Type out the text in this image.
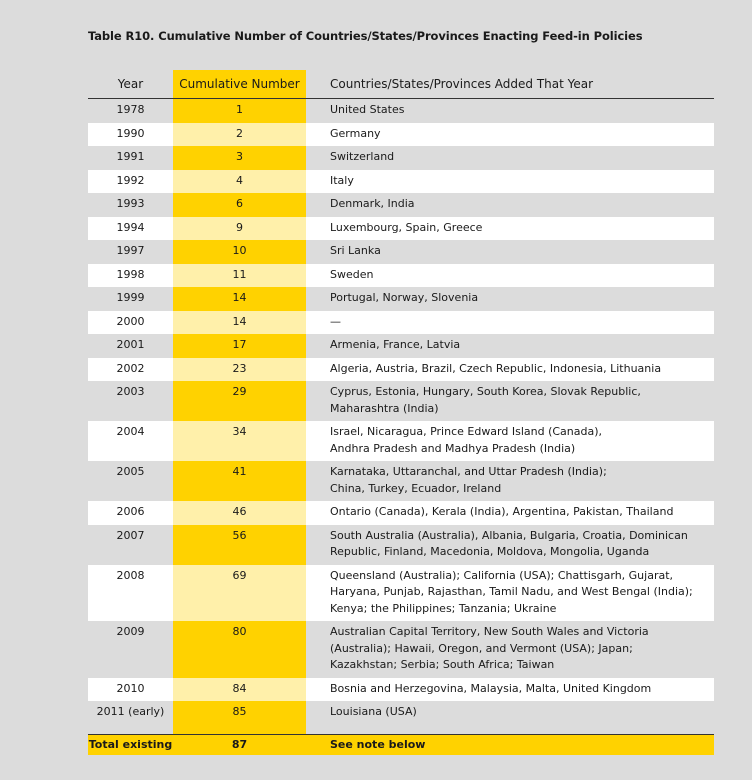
Table R10. Cumulative Number of Countries/States/Provinces Enacting Feed-in Policies
Year	Cumulative Number	Countries/States/Provinces Added That Year
1978	1	United States
1990	2	Germany
1991	3	Switzerland
1992	4	Italy
1993	6	Denmark, India
1994	9	Luxembourg, Spain, Greece
1997	10	Sri Lanka
1998	11	Sweden
1999	14	Portugal, Norway, Slovenia
2000	14	—
2001	17	Armenia, France, Latvia
2002	23	Algeria, Austria, Brazil, Czech Republic, Indonesia, Lithuania
2003	29	Cyprus, Estonia, Hungary, South Korea, Slovak Republic,
Maharashtra (India)
2004	34	Israel, Nicaragua, Prince Edward Island (Canada),
Andhra Pradesh and Madhya Pradesh (India)
2005	41	Karnataka, Uttaranchal, and Uttar Pradesh (India);
China, Turkey, Ecuador, Ireland
2006	46	Ontario (Canada), Kerala (India), Argentina, Pakistan, Thailand
2007	56	South Australia (Australia), Albania, Bulgaria, Croatia, Dominican
Republic, Finland, Macedonia, Moldova, Mongolia, Uganda
2008	69	Queensland (Australia); California (USA); Chattisgarh, Gujarat,
Haryana, Punjab, Rajasthan, Tamil Nadu, and West Bengal (India);
Kenya; the Philippines; Tanzania; Ukraine
2009	80	Australian Capital Territory, New South Wales and Victoria
(Australia); Hawaii, Oregon, and Vermont (USA); Japan;
Kazakhstan; Serbia; South Africa; Taiwan
2010	84	Bosnia and Herzegovina, Malaysia, Malta, United Kingdom
2011 (early)	85	Louisiana (USA)
Total existing	87	See note below
